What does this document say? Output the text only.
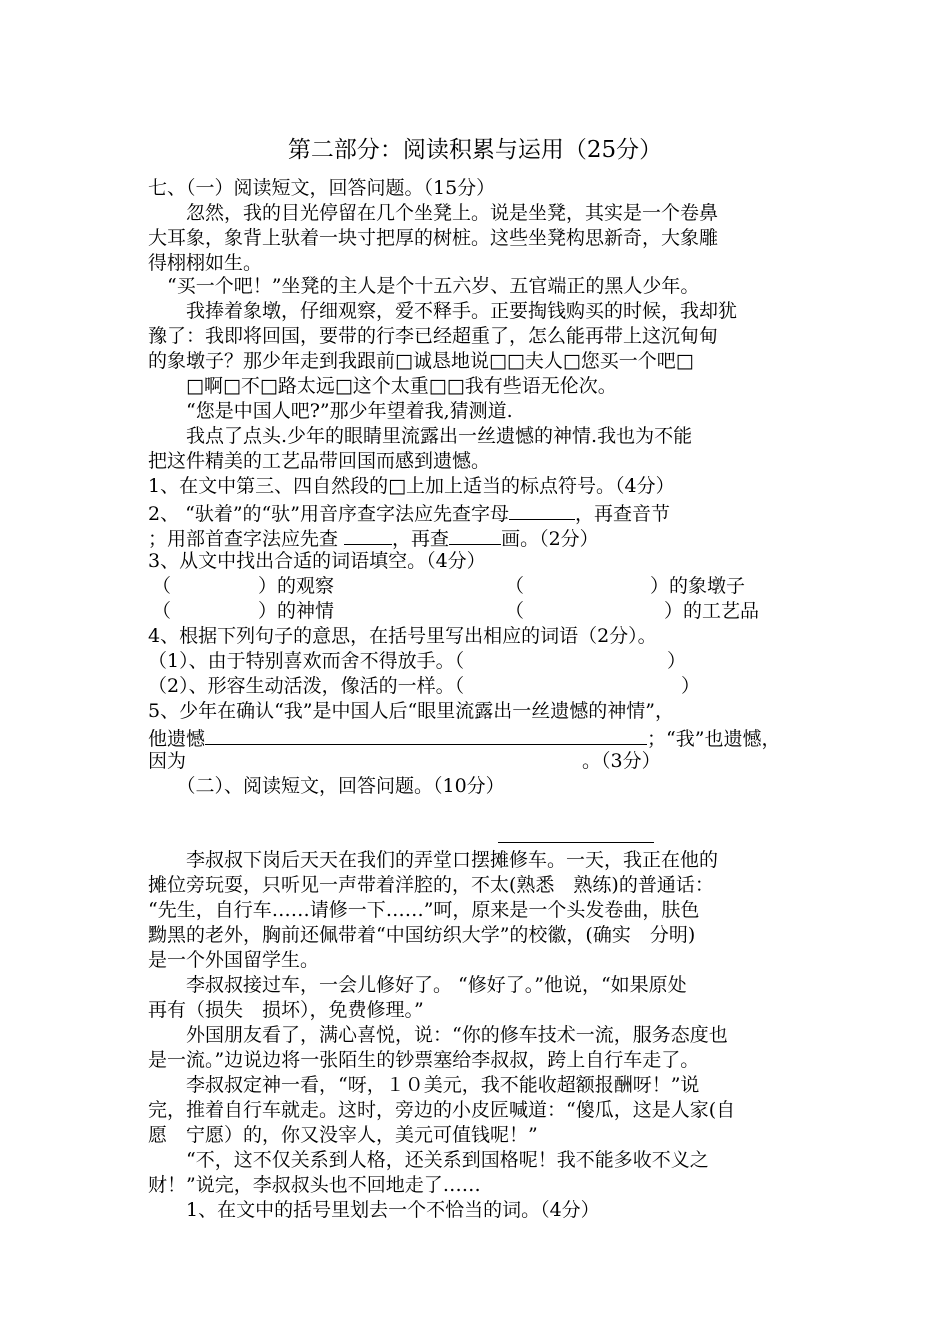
第二部分：阅读积累与运用（25分）
七、（一）阅读短文，回答问题。（15分）
　　忽然，我的目光停留在几个坐凳上。说是坐凳，其实是一个卷鼻
大耳象，象背上驮着一块寸把厚的树桩。这些坐凳构思新奇，大象雕
得栩栩如生。
　“买一个吧！”坐凳的主人是个十五六岁、五官端正的黑人少年。
　　我捧着象墩，仔细观察，爱不释手。正要掏钱购买的时候，我却犹
豫了：我即将回国，要带的行李已经超重了，怎么能再带上这沉甸甸
的象墩子？那少年走到我跟前□诚恳地说□□夫人□您买一个吧□
　　□啊□不□路太远□这个太重□□我有些语无伦次。
　　“您是中国人吧?”那少年望着我,猜测道.
　　我点了点头.少年的眼睛里流露出一丝遗憾的神情.我也为不能
把这件精美的工艺品带回国而感到遗憾。
1、在文中第三、四自然段的□上加上适当的标点符号。（4分）
2、 “驮着”的“驮”用音序查字法应先查字母	，再查音节
；用部首查字法应先查	，再查	画。（2分）
3、从文中找出合适的词语填空。（4分）
（	）的观察	（	）的象墩子
（	）的神情	（	）的工艺品
4、根据下列句子的意思，在括号里写出相应的词语（2分）。
（1）、由于特别喜欢而舍不得放手。（	）
（2）、形容生动活泼，像活的一样。（	）
5、少年在确认“我”是中国人后“眼里流露出一丝遗憾的神情”，
他遗憾	；“我”也遗憾，
因为	。（3分）
　　（二）、阅读短文，回答问题。（10分）
　　李叔叔下岗后天天在我们的弄堂口摆摊修车。一天，我正在他的
摊位旁玩耍，只听见一声带着洋腔的，不太(熟悉　熟练)的普通话：
“先生，自行车……请修一下……”呵，原来是一个头发卷曲，肤色
黝黑的老外，胸前还佩带着“中国纺织大学”的校徽，(确实　分明)
是一个外国留学生。
　　李叔叔接过车，一会儿修好了。 “修好了。”他说，“如果原处
再有（损失　损坏），免费修理。”
　　外国朋友看了，满心喜悦，说：“你的修车技术一流，服务态度也
是一流。”边说边将一张陌生的钞票塞给李叔叔，跨上自行车走了。
　　李叔叔定神一看，“呀，１０美元，我不能收超额报酬呀！”说
完，推着自行车就走。这时，旁边的小皮匠喊道：“傻瓜，这是人家(自
愿　宁愿）的，你又没宰人，美元可值钱呢！”
　　“不，这不仅关系到人格，还关系到国格呢！我不能多收不义之
财！”说完，李叔叔头也不回地走了……
　　1、在文中的括号里划去一个不恰当的词。（4分）
